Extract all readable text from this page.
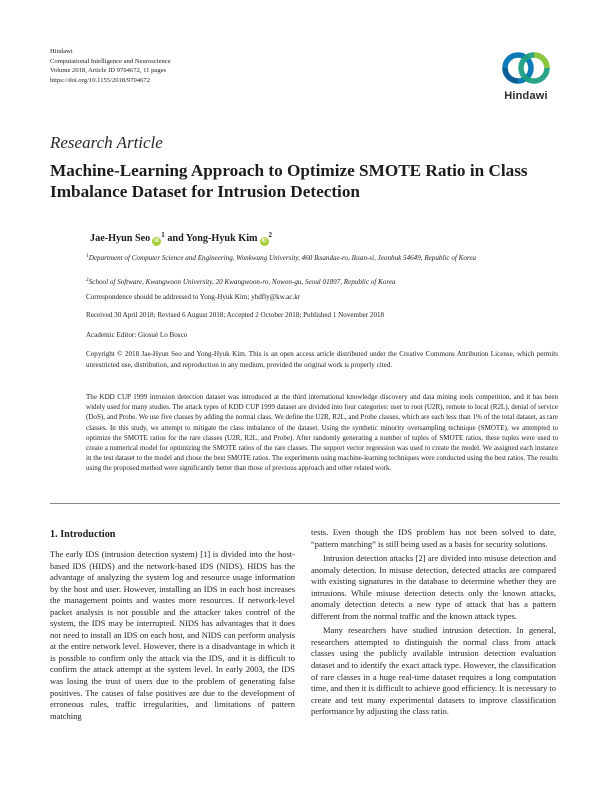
Hindawi
Computational Intelligence and Neuroscience
Volume 2018, Article ID 9704672, 11 pages
https://doi.org/10.1155/2018/9704672
Hindawi
Research Article
Machine-Learning Approach to Optimize SMOTE Ratio in Class Imbalance Dataset for Intrusion Detection
Jae-Hyun Seo $iD^1$ and Yong-Hyuk Kim $iD^2$
$^1$Department of Computer Science and Engineering, Wonkwang University, 460 Iksandae-ro, Iksan-si, Jeonbuk 54649, Republic of Korea
$^2$School of Software, Kwangwoon University, 20 Kwangwoon-ro, Nowon-gu, Seoul 01897, Republic of Korea
Correspondence should be addressed to Yong-Hyuk Kim; yhdfly@kw.ac.kr
Received 30 April 2018; Revised 6 August 2018; Accepted 2 October 2018; Published 1 November 2018
Academic Editor: Giosuè Lo Bosco
Copyright © 2018 Jae-Hyun Seo and Yong-Hyuk Kim. This is an open access article distributed under the Creative Commons Attribution License, which permits unrestricted use, distribution, and reproduction in any medium, provided the original work is properly cited.
The KDD CUP 1999 intrusion detection dataset was introduced at the third international knowledge discovery and data mining tools competition, and it has been widely used for many studies. The attack types of KDD CUP 1999 dataset are divided into four categories: user to root (U2R), remote to local (R2L), denial of service (DoS), and Probe. We use five classes by adding the normal class. We define the U2R, R2L, and Probe classes, which are each less than 1% of the total dataset, as rare classes. In this study, we attempt to mitigate the class imbalance of the dataset. Using the synthetic minority oversampling technique (SMOTE), we attempted to optimize the SMOTE ratios for the rare classes (U2R, R2L, and Probe). After randomly generating a number of tuples of SMOTE ratios, these tuples were used to create a numerical model for optimizing the SMOTE ratios of the rare classes. The support vector regression was used to create the model. We assigned each instance in the test dataset to the model and chose the best SMOTE ratios. The experiments using machine-learning techniques were conducted using the best ratios. The results using the proposed method were significantly better than those of previous approach and other related work.
1. Introduction

The early IDS (intrusion detection system) [1] is divided into the host-based IDS (HIDS) and the network-based IDS (NIDS). HIDS has the advantage of analyzing the system log and resource usage information by the host and user. However, installing an IDS in each host increases the management points and wastes more resources. If network-level packet analysis is not possible and the attacker takes control of the system, the IDS may be interrupted. NIDS has advantages that it does not need to install an IDS on each host, and NIDS can perform analysis at the entire network level. However, there is a disadvantage in which it is possible to confirm only the attack via the IDS, and it is difficult to confirm the attack attempt at the system level. In early 2003, the IDS was losing the trust of users due to the problem of generating false positives. The causes of false positives are due to the development of erroneous rules, traffic irregularities, and limitations of pattern matching

tests. Even though the IDS problem has not been solved to date, “pattern matching” is still being used as a basis for security solutions.

Intrusion detection attacks [2] are divided into misuse detection and anomaly detection. In misuse detection, detected attacks are compared with existing signatures in the database to determine whether they are intrusions. While misuse detection detects only the known attacks, anomaly detection detects a new type of attack that has a pattern different from the normal traffic and the known attack types.

Many researchers have studied intrusion detection. In general, researchers attempted to distinguish the normal class from attack classes using the publicly available intrusion detection evaluation dataset and to identify the exact attack type. However, the classification of rare classes in a huge real-time dataset requires a long computation time, and then it is difficult to achieve good efficiency. It is necessary to create and test many experimental datasets to improve classification performance by adjusting the class ratio.
